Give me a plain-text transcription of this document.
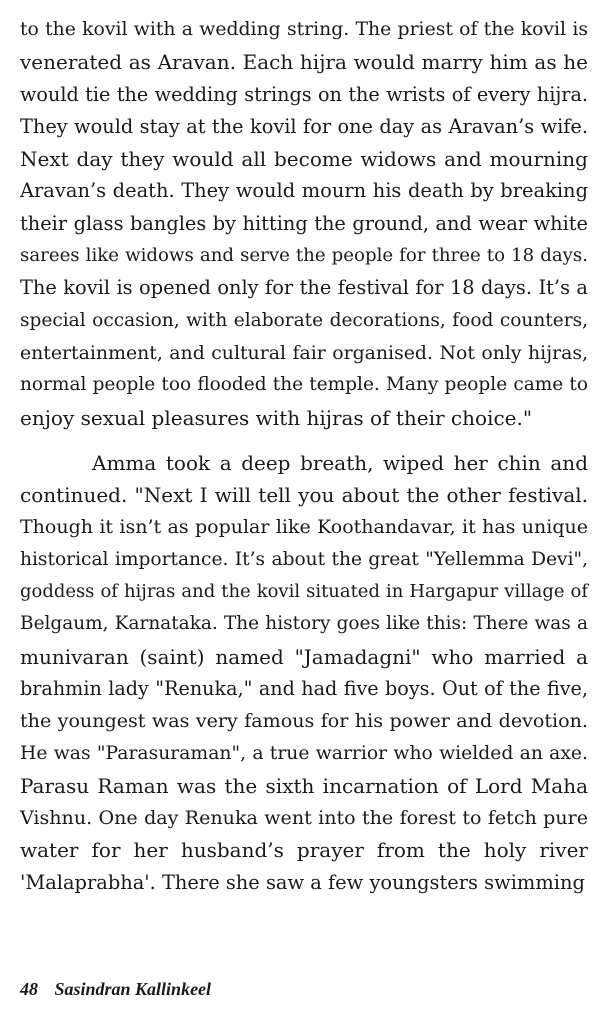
to the kovil with a wedding string. The priest of the kovil is
venerated as Aravan. Each hijra would marry him as he
would tie the wedding strings on the wrists of every hijra.
They would stay at the kovil for one day as Aravan’s wife.
Next day they would all become widows and mourning
Aravan’s death. They would mourn his death by breaking
their glass bangles by hitting the ground, and wear white
sarees like widows and serve the people for three to 18 days.
The kovil is opened only for the festival for 18 days. It’s a
special occasion, with elaborate decorations, food counters,
entertainment, and cultural fair organised. Not only hijras,
normal people too flooded the temple. Many people came to
enjoy sexual pleasures with hijras of their choice."
Amma took a deep breath, wiped her chin and
continued. "Next I will tell you about the other festival.
Though it isn’t as popular like Koothandavar, it has unique
historical importance. It’s about the great "Yellemma Devi",
goddess of hijras and the kovil situated in Hargapur village of
Belgaum, Karnataka. The history goes like this: There was a
munivaran (saint) named "Jamadagni" who married a
brahmin lady "Renuka," and had five boys. Out of the five,
the youngest was very famous for his power and devotion.
He was "Parasuraman", a true warrior who wielded an axe.
Parasu Raman was the sixth incarnation of Lord Maha
Vishnu. One day Renuka went into the forest to fetch pure
water for her husband’s prayer from the holy river
'Malaprabha'. There she saw a few youngsters swimming
48 Sasindran Kallinkeel
